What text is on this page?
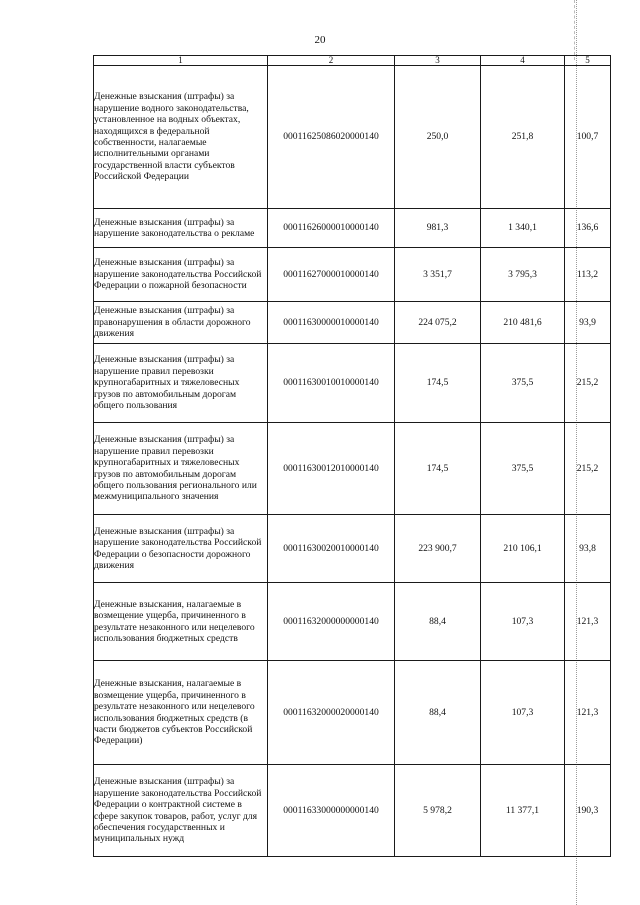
20
1	2	3	4	5
Денежные взыскания (штрафы) за нарушение водного законодательства, установленное на водных объектах, находящихся в федеральной собственности, налагаемые исполнительными органами государственной власти субъектов Российской Федерации	00011625086020000140	250,0	251,8	100,7
Денежные взыскания (штрафы) за нарушение законодательства о рекламе	00011626000010000140	981,3	1 340,1	136,6
Денежные взыскания (штрафы) за нарушение законодательства Российской Федерации о пожарной безопасности	00011627000010000140	3 351,7	3 795,3	113,2
Денежные взыскания (штрафы) за правонарушения в области дорожного движения	00011630000010000140	224 075,2	210 481,6	93,9
Денежные взыскания (штрафы) за нарушение правил перевозки крупногабаритных и тяжеловесных грузов по автомобильным дорогам общего пользования	00011630010010000140	174,5	375,5	215,2
Денежные взыскания (штрафы) за нарушение правил перевозки крупногабаритных и тяжеловесных грузов по автомобильным дорогам общего пользования регионального или межмуниципального значения	00011630012010000140	174,5	375,5	215,2
Денежные взыскания (штрафы) за нарушение законодательства Российской Федерации о безопасности дорожного движения	00011630020010000140	223 900,7	210 106,1	93,8
Денежные взыскания, налагаемые в возмещение ущерба, причиненного в результате незаконного или нецелевого использования бюджетных средств	00011632000000000140	88,4	107,3	121,3
Денежные взыскания, налагаемые в возмещение ущерба, причиненного в результате незаконного или нецелевого использования бюджетных средств (в части бюджетов субъектов Российской Федерации)	00011632000020000140	88,4	107,3	121,3
Денежные взыскания (штрафы) за нарушение законодательства Российской Федерации о контрактной системе в сфере закупок товаров, работ, услуг для обеспечения государственных и муниципальных нужд	00011633000000000140	5 978,2	11 377,1	190,3
